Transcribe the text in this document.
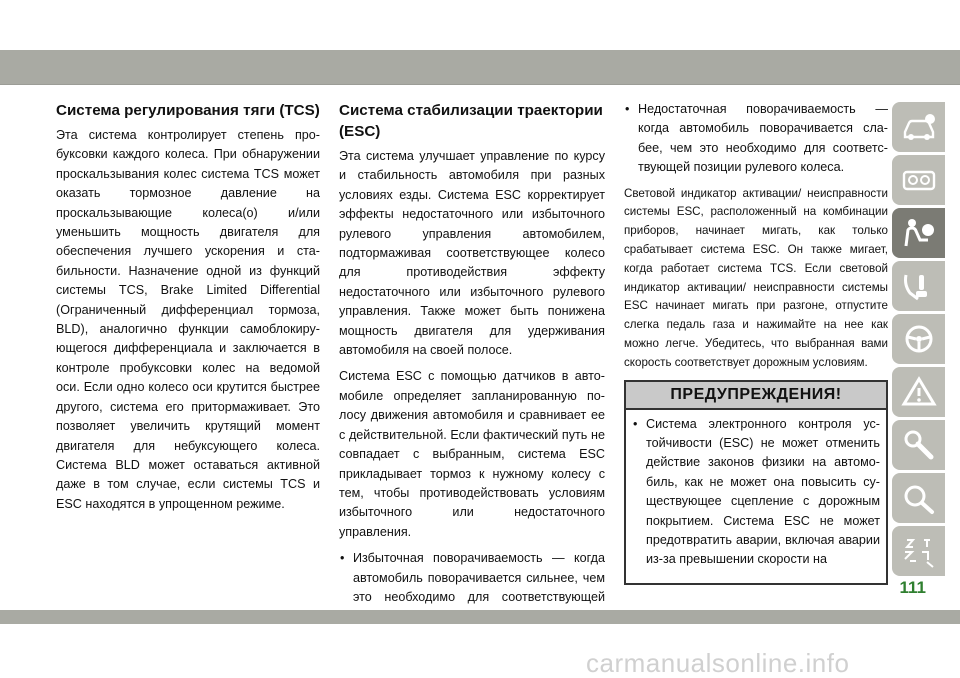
Система регулирования тяги (TCS)

Эта система контролирует степень пробуксовки каждого колеса. При обнаружении проскальзывания колес система TCS может оказать тормозное давление на проскальзывающие колеса(о) и/или уменьшить мощность двигателя для обеспечения лучшего ускорения и стабильности. Назначение одной из функций системы TCS, Brake Limited Differential (Ограниченный дифференциал тормоза, BLD), аналогично функции самоблокирующегося дифференциала и заключается в контроле пробуксовки колес на ведомой оси. Если одно колесо оси крутится быстрее другого, система его притормаживает. Это позволяет увеличить крутящий момент двигателя для небуксующего колеса. Система BLD может оставаться активной даже в том случае, если системы TCS и ESC находятся в упрощенном режиме.

Система стабилизации траектории (ESC)

Эта система улучшает управление по курсу и стабильность автомобиля при разных условиях езды. Система ESC корректирует эффекты недостаточного или избыточного рулевого управления автомобилем, подтормаживая соответствующее колесо для противодействия эффекту недостаточного или избыточного рулевого управления. Также может быть понижена мощность двигателя для удерживания автомобиля на своей полосе.

Система ESC с помощью датчиков в автомобиле определяет запланированную полосу движения автомобиля и сравнивает ее с действительной. Если фактический путь не совпадает с выбранным, система ESC прикладывает тормоз к нужному колесу с тем, чтобы противодействовать условиям избыточного или недостаточного управления.

• Избыточная поворачиваемость — когда автомобиль поворачивается сильнее, чем это необходимо для соответствующей
• Недостаточная поворачиваемость — когда автомобиль поворачивается слабее, чем это необходимо для соответствующей позиции рулевого колеса.

Световой индикатор активации/ неисправности системы ESC, расположенный на комбинации приборов, начинает мигать, как только срабатывает система ESC. Он также мигает, когда работает система TCS. Если световой индикатор активации/ неисправности системы ESC начинает мигать при разгоне, отпустите слегка педаль газа и нажимайте на нее как можно легче. Убедитесь, что выбранная вами скорость соответствует дорожным условиям.

ПРЕДУПРЕЖДЕНИЯ!
• Система электронного контроля устойчивости (ESC) не может отменить действие законов физики на автомобиль, как не может она повысить существующее сцепление с дорожным покрытием. Система ESC не может предотвратить аварии, включая аварии из-за превышении скорости на
111
carmanualsonline.info
